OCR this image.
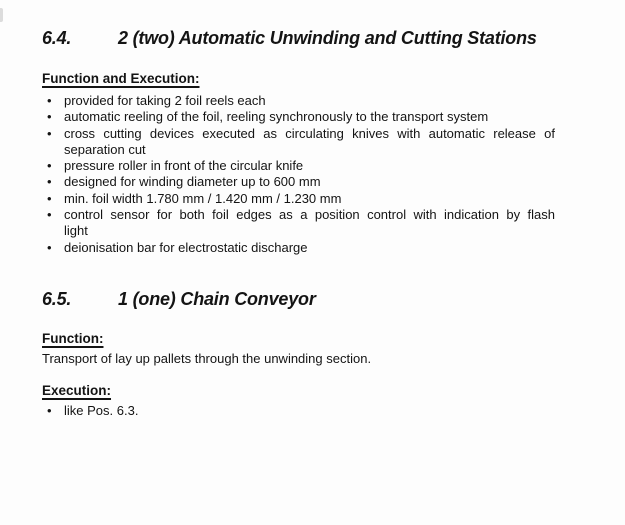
6.4.	2 (two) Automatic Unwinding and Cutting Stations
Function and Execution:
• provided for taking 2 foil reels each
• automatic reeling of the foil, reeling synchronously to the transport system
• cross cutting devices executed as circulating knives with automatic release of
separation cut
• pressure roller in front of the circular knife
• designed for winding diameter up to 600 mm
• min. foil width 1.780 mm / 1.420 mm / 1.230 mm
• control sensor for both foil edges as a position control with indication by flash
light
• deionisation bar for electrostatic discharge
6.5.	1 (one) Chain Conveyor
Function:

Transport of lay up pallets through the unwinding section.

Execution:
• like Pos. 6.3.
